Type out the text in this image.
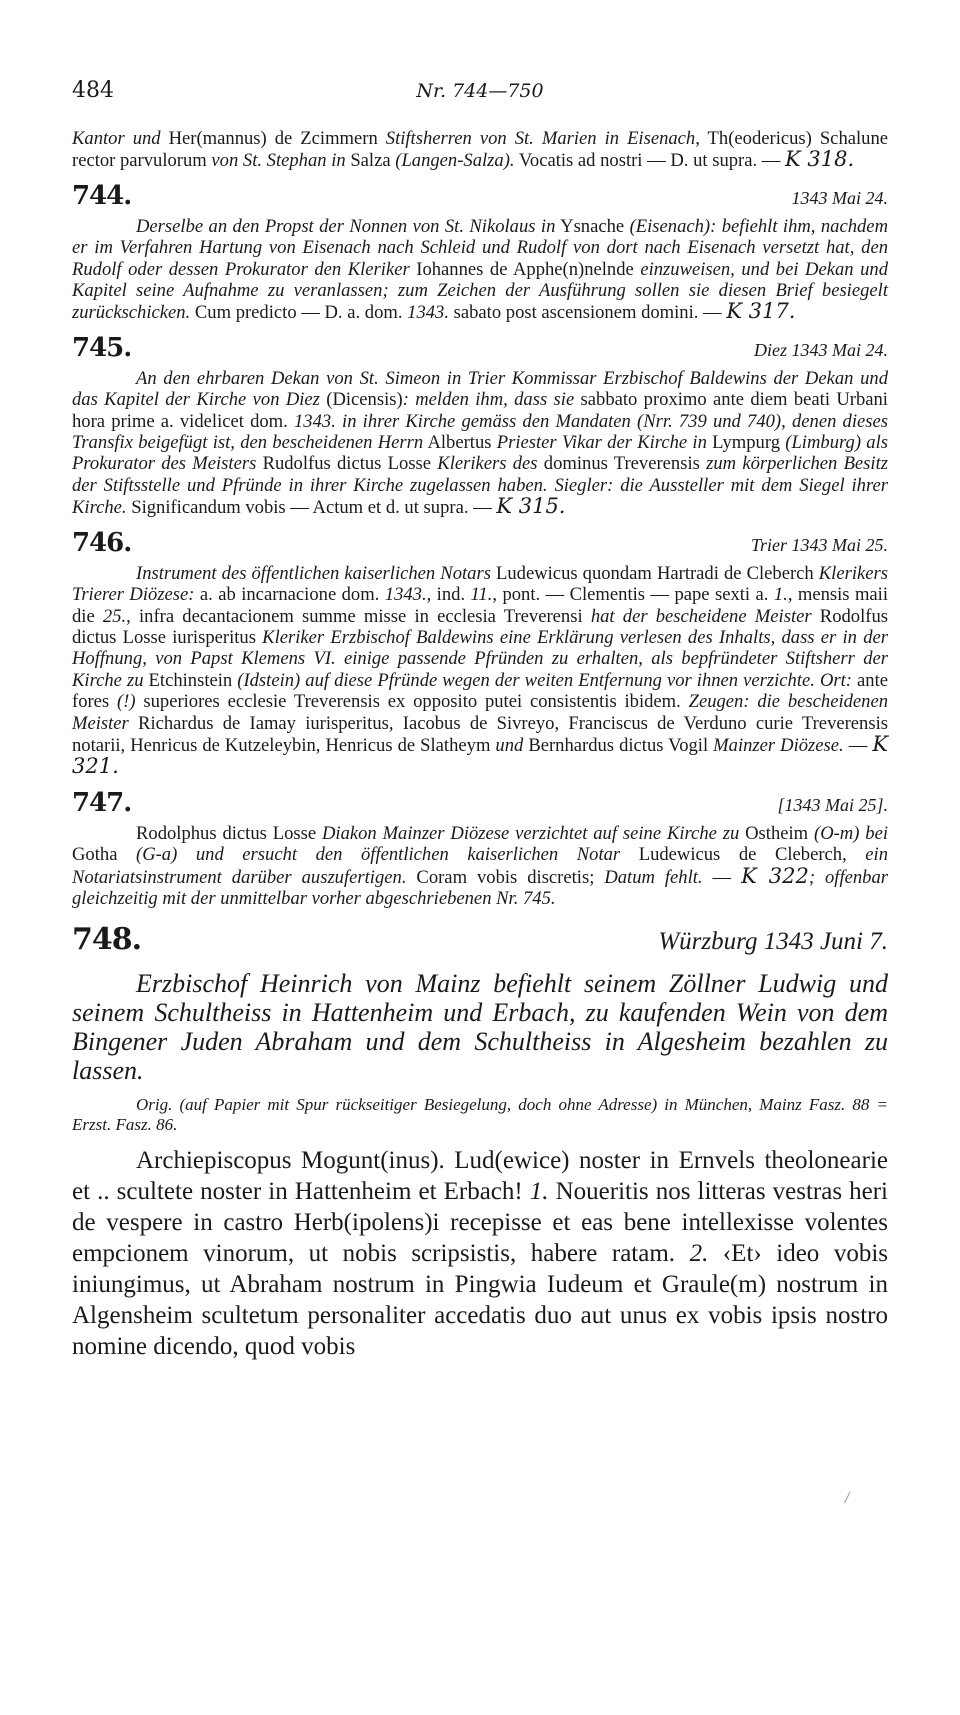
484	Nr. 744—750

Kantor und Her(mannus) de Zcimmern Stiftsherren von St. Marien in Eisenach, Th(eodericus) Schalune rector parvulorum von St. Stephan in Salza (Langen-Salza). Vocatis ad nostri — D. ut supra. — K 318.

744.	1343 Mai 24.

Derselbe an den Propst der Nonnen von St. Nikolaus in Ysnache (Eisenach): befiehlt ihm, nachdem er im Verfahren Hartung von Eisenach nach Schleid und Rudolf von dort nach Eisenach versetzt hat, den Rudolf oder dessen Prokurator den Kleriker Iohannes de Apphe(n)nelnde einzuweisen, und bei Dekan und Kapitel seine Aufnahme zu veranlassen; zum Zeichen der Ausführung sollen sie diesen Brief besiegelt zurückschicken. Cum predicto — D. a. dom. 1343. sabato post ascensionem domini. — K 317.

745.	Diez 1343 Mai 24.

An den ehrbaren Dekan von St. Simeon in Trier Kommissar Erzbischof Baldewins der Dekan und das Kapitel der Kirche von Diez (Dicensis): melden ihm, dass sie sabbato proximo ante diem beati Urbani hora prime a. videlicet dom. 1343. in ihrer Kirche gemäss den Mandaten (Nrr. 739 und 740), denen dieses Transfix beigefügt ist, den bescheidenen Herrn Albertus Priester Vikar der Kirche in Lympurg (Limburg) als Prokurator des Meisters Rudolfus dictus Losse Klerikers des dominus Treverensis zum körperlichen Besitz der Stiftsstelle und Pfründe in ihrer Kirche zugelassen haben. Siegler: die Aussteller mit dem Siegel ihrer Kirche. Significandum vobis — Actum et d. ut supra. — K 315.

746.	Trier 1343 Mai 25.

Instrument des öffentlichen kaiserlichen Notars Ludewicus quondam Hartradi de Cleberch Klerikers Trierer Diözese: a. ab incarnacione dom. 1343., ind. 11., pont. — Clementis — pape sexti a. 1., mensis maii die 25., infra decantacionem summe misse in ecclesia Treverensi hat der bescheidene Meister Rodolfus dictus Losse iurisperitus Kleriker Erzbischof Baldewins eine Erklärung verlesen des Inhalts, dass er in der Hoffnung, von Papst Klemens VI. einige passende Pfründen zu erhalten, als bepfründeter Stiftsherr der Kirche zu Etchinstein (Idstein) auf diese Pfründe wegen der weiten Entfernung vor ihnen verzichte. Ort: ante fores (!) superiores ecclesie Treverensis ex opposito putei consistentis ibidem. Zeugen: die bescheidenen Meister Richardus de Iamay iurisperitus, Iacobus de Sivreyo, Franciscus de Verduno curie Treverensis notarii, Henricus de Kutzeleybin, Henricus de Slatheym und Bernhardus dictus Vogil Mainzer Diözese. — K 321.

747.	[1343 Mai 25].

Rodolphus dictus Losse Diakon Mainzer Diözese verzichtet auf seine Kirche zu Ostheim (O-m) bei Gotha (G-a) und ersucht den öffentlichen kaiserlichen Notar Ludewicus de Cleberch, ein Notariatsinstrument darüber auszufertigen. Coram vobis discretis; Datum fehlt. — K 322; offenbar gleichzeitig mit der unmittelbar vorher abgeschriebenen Nr. 745.

748.	Würzburg 1343 Juni 7.

Erzbischof Heinrich von Mainz befiehlt seinem Zöllner Ludwig und seinem Schultheiss in Hattenheim und Erbach, zu kaufenden Wein von dem Bingener Juden Abraham und dem Schultheiss in Algesheim bezahlen zu lassen.

Orig. (auf Papier mit Spur rückseitiger Besiegelung, doch ohne Adresse) in München, Mainz Fasz. 88 = Erzst. Fasz. 86.

Archiepiscopus Mogunt(inus). Lud(ewice) noster in Ernvels theolonearie et .. scultete noster in Hattenheim et Erbach! 1. Noueritis nos litteras vestras heri de vespere in castro Herb(ipolens)i recepisse et eas bene intellexisse volentes empcionem vinorum, ut nobis scripsistis, habere ratam. 2. ‹Et› ideo vobis iniungimus, ut Abraham nostrum in Pingwia Iudeum et Graule(m) nostrum in Algensheim scultetum personaliter accedatis duo aut unus ex vobis ipsis nostro nomine dicendo, quod vobis

/
